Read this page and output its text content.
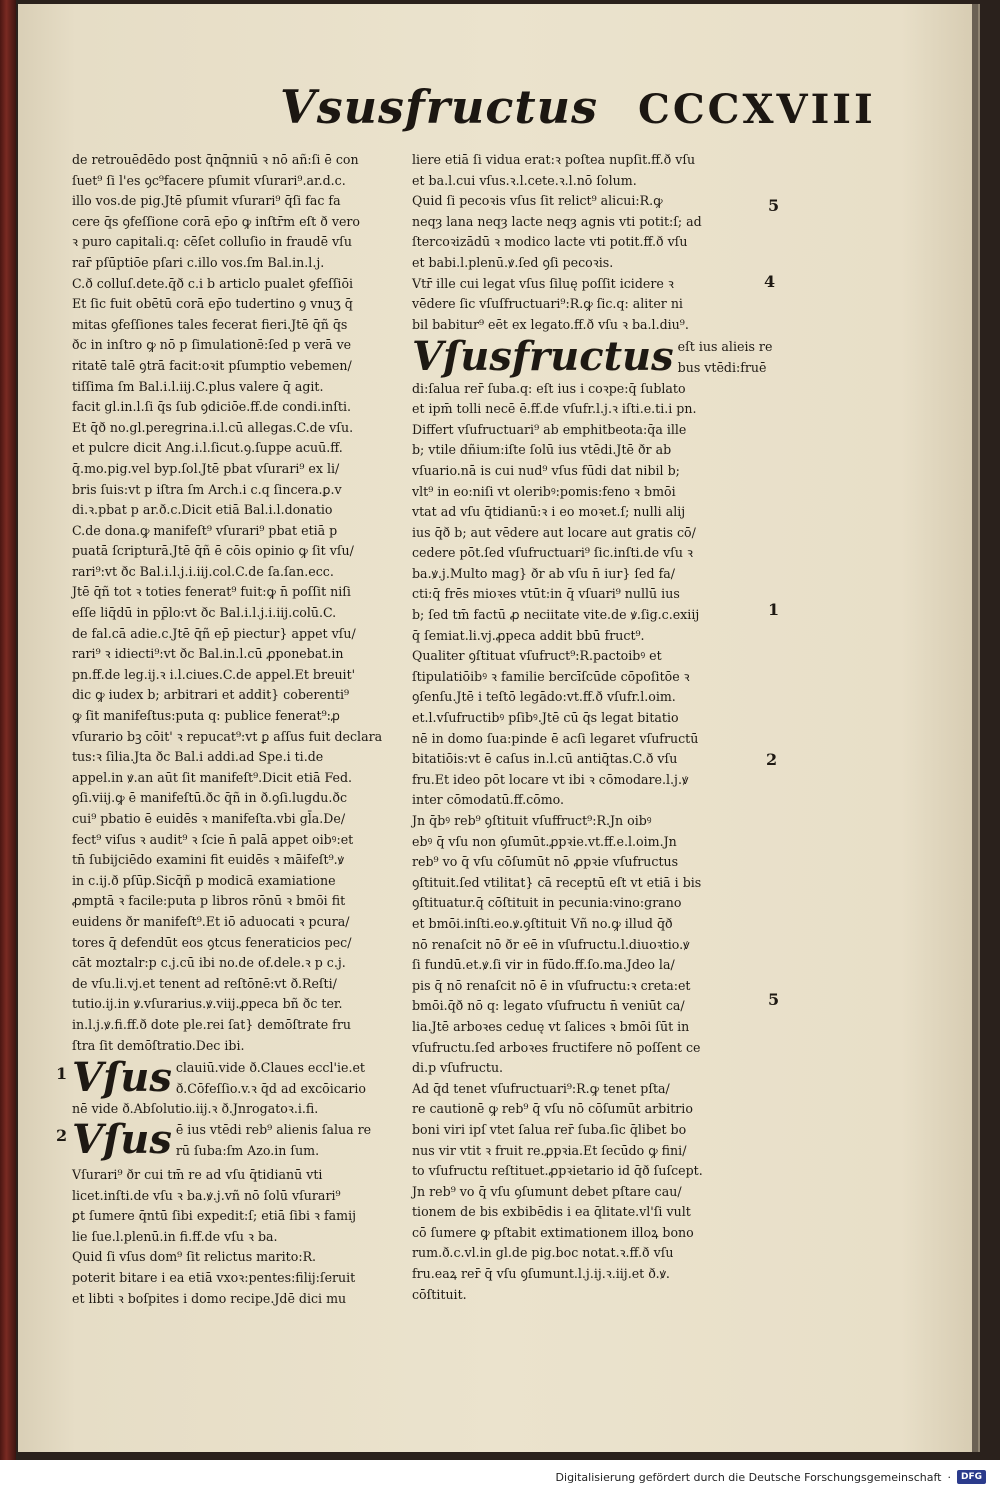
Vsusfructus CCCXVIII

de retrouēdēdo post q̄nq̄nniū ꝛ nō añ:ſi ē con

ſuet⁹ ſi l'es ꝯc⁹facere pſumit vſurari⁹.ar.d.c.

illo vos.de pig.Jtē pſumit vſurari⁹ q̄ſi fac fa

cere q̄s ꝯfeſſione corā ep̄o ꝙ inſtr̄m eſt ð vero

ꝛ puro capitali.q: cēſet colluſio in fraudē vſu

rar̄ pſūptiōe pſari c.illo vos.ſm Bal.in.l.j.

C.ð colluſ.dete.q̄ð c.i b articlo pualet ꝯfeſſiōi

Et ſic fuit obētū corā ep̄o tudertino ꝯ vnuʒ q̄

mitas ꝯfeſſiones tales fecerat fieri.Jtē q̄ñ q̄s

ðc in inſtro ꝙ nō p ſimulationē:ſed p verā ve

ritatē talē ꝯtrā facit:oꝛit pſumptio vebemen/

tiſſima ſm Bal.i.l.iij.C.plus valere q̄ agit.

facit gl.in.l.ſi q̄s ſub ꝯdiciōe.ff.de condi.inſti.

Et q̄ð no.gl.peregrina.i.l.cū allegas.C.de vſu.

et pulcre dicit Ang.i.l.ſicut.ꝯ.ſuppe acuū.ff.

q̄.mo.pig.vel byp.ſol.Jtē pbat vſurari⁹ ex li/

bris ſuis:vt p iſtra ſm Arch.i c.q ſincera.ꝑ.v

di.ꝛ.pbat p ar.ð.c.Dicit etiā Bal.i.l.donatio

C.de dona.ꝙ manifeſt⁹ vſurari⁹ pbat etiā p

puatā ſcripturā.Jtē q̄ñ ē cōis opinio ꝙ ſit vſu/

rari⁹:vt ðc Bal.i.l.j.i.iij.col.C.de ſa.ſan.ecc.

Jtē q̄ñ tot ꝛ toties fenerat⁹ fuit:ꝙ n̄ poſſit niſi

eſſe liq̄dū in pp̄lo:vt ðc Bal.i.l.j.i.iij.colū.C.

de fal.cā adie.c.Jtē q̄ñ ep̄ piectur} appet vſu/

rari⁹ ꝛ idiecti⁹:vt ðc Bal.in.l.cū ꝓponebat.in

pn.ff.de leg.ij.ꝛ i.l.ciues.C.de appel.Et breuit'

dic ꝙ iudex b; arbitrari et addit} coberenti⁹

ꝙ ſit manifeſtus:puta q: publice fenerat⁹:ꝓ

vſurario bꝫ cōit' ꝛ repucat⁹:vt ꝑ aſſus fuit declara

tus:ꝛ ſilia.Jta ðc Bal.i addi.ad Spe.i ti.de

appel.in ꝟ.an aūt ſit manifeſt⁹.Dicit etiā Fed.

ꝯſi.viij.ꝙ ē manifeſtū.ðc q̄ñ in ð.ꝯſi.lugdu.ðc

cui⁹ pbatio ē euidēs ꝛ manifeſta.vbi gl̄a.De/

fect⁹ viſus ꝛ audit⁹ ꝛ ſcie n̄ palā appet oibꝰ:et

tn̄ ſubijciēdo examini fit euidēs ꝛ māifeſt⁹.ꝟ

in c.ij.ð pſūp.Sicq̄ñ p modicā examiatione

ꝓmptā ꝛ facile:puta p libros rōnū ꝛ bmōi fit

euidens ðr manifeſt⁹.Et iō aduocati ꝛ pcura/

tores q̄ defendūt eos ꝯtcus feneraticios pec/

cāt moztalr:p c.j.cū ibi no.de of.dele.ꝛ p c.j.

de vſu.li.vj.et tenent ad reſtōnē:vt ð.Reſti/

tutio.ij.in ꝟ.vſurarius.ꝟ.viij.ꝓpeca bñ ðc ter.

in.l.j.ꝟ.fi.ff.ð dote ple.rei ſat} demōſtrate fru

ſtra ſit demōſtratio.Dec ibi.

Vſus clauiū.vide ð.Claues eccl'ie.et

ð.Cōfeſſio.v.ꝛ q̄d ad excōicario

nē vide ð.Abſolutio.iij.ꝛ ð.Jnrogatoꝛ.i.fi.

Vſus ē ius vtēdi reb⁹ alienis ſalua re

rū ſuba:ſm Azo.in ſum.

Vſurari⁹ ðr cui tm̄ re ad vſu q̄tidianū vti

licet.inſti.de vſu ꝛ ba.ꝟ.j.vñ nō ſolū vſurari⁹

ꝑt ſumere q̄ntū ſibi expedit:ſ; etiā ſibi ꝛ famij

lie ſue.l.plenū.in fi.ff.de vſu ꝛ ba.

Quid ſi vſus dom⁹ ſit relictus marito:R.

poterit bitare i ea etiā vxoꝛ:pentes:filij:ſeruit

et libti ꝛ boſpites i domo recipe.Jdē dici mu

1
2

liere etiā ſi vidua erat:ꝛ poſtea nupſit.ff.ð vſu

et ba.l.cui vſus.ꝛ.l.cete.ꝛ.l.nō ſolum.

Quid ſi pecoꝛis vſus ſit relict⁹ alicui:R.ꝙ

neqȝ lana neqȝ lacte neqȝ agnis vti potit:ſ; ad

ſtercoꝛizādū ꝛ modico lacte vti potit.ff.ð vſu

et babi.l.plenū.ꝟ.ſed ꝯſi pecoꝛis.

Vtr̄ ille cui legat vſus ſiluę poſſit icidere ꝛ

vēdere ſic vſuſfructuari⁹:R.ꝙ ſic.q: aliter ni

bil babitur⁹ eēt ex legato.ff.ð vſu ꝛ ba.l.diu⁹.

Vſusfructus eſt ius alieis re

bus vtēdi:fruē

di:ſalua rer̄ ſuba.q: eſt ius i coꝛpe:q̄ ſublato

et ipm̄ tolli necē ē.ff.de vſufr.l.j.ꝛ iſti.e.ti.i pn.

Differt vſufructuari⁹ ab emphitbeota:q̄a ille

b; vtile dñium:iſte ſolū ius vtēdi.Jtē ðr ab

vſuario.nā is cui nud⁹ vſus fūdi dat nibil b;

vlt⁹ in eo:niſi vt oleribꝰ:pomis:feno ꝛ bmōi

vtat ad vſu q̄tidianū:ꝛ i eo moꝛet.ſ; nulli alij

ius q̄ð b; aut vēdere aut locare aut gratis cō/

cedere pōt.ſed vſufructuari⁹ ſic.inſti.de vſu ꝛ

ba.ꝟ.j.Multo mag} ðr ab vſu n̄ iur} ſed fa/

cti:q̄ frēs mioꝛes vtūt:in q̄ vſuari⁹ nullū ius

b; ſed tm̄ factū ꝓ neciitate vite.de ꝟ.ſig.c.exiij

q̄ ſemiat.li.vj.ꝓpeca addit bbū fruct⁹.

Qualiter ꝯſtituat vſufruct⁹:R.pactoibꝰ et

ſtipulatiōibꝰ ꝛ familie bercīſcūde cōpoſitōe ꝛ

ꝯſenſu.Jtē i teſtō legādo:vt.ff.ð vſufr.l.oim.

et.l.vſufructibꝰ pſibꝰ.Jtē cū q̄s legat bitatio

nē in domo ſua:pinde ē acſi legaret vſufructū

bitatiōis:vt ē caſus in.l.cū antiq̄tas.C.ð vſu

fru.Et ideo pōt locare vt ibi ꝛ cōmodare.l.j.ꝟ

inter cōmodatū.ff.cōmo.

Jn q̄bꝰ reb⁹ ꝯſtituit vſuffruct⁹:R.Jn oibꝰ

ebꝰ q̄ vſu non ꝯſumūt.ꝓpꝛie.vt.ff.e.l.oim.Jn

reb⁹ vo q̄ vſu cōſumūt nō ꝓpꝛie vſufructus

ꝯſtituit.ſed vtilitat} cā receptū eſt vt etiā i bis

ꝯſtituatur.q̄ cōſtituit in pecunia:vino:grano

et bmōi.inſti.eo.ꝟ.ꝯſtituit Vñ no.ꝙ illud q̄ð

nō renaſcit nō ðr eē in vſufructu.l.diuoꝛtio.ꝟ

ſi fundū.et.ꝟ.ſi vir in fūdo.ff.ſo.ma.Jdeo la/

pis q̄ nō renaſcit nō ē in vſufructu:ꝛ creta:et

bmōi.q̄ð nō q: legato vſufructu n̄ veniūt ca/

lia.Jtē arboꝛes ceduę vt ſalices ꝛ bmōi ſūt in

vſufructu.ſed arboꝛes fructifere nō poſſent ce

di.p vſufructu.

Ad q̄d tenet vſufructuari⁹:R.ꝙ tenet pſta/

re cautionē ꝙ reb⁹ q̄ vſu nō cōſumūt arbitrio

boni viri ipſ vtet ſalua rer̄ ſuba.ſic q̄libet bo

nus vir vtit ꝛ fruit re.ꝓpꝛia.Et ſecūdo ꝙ fini/

to vſufructu reſtituet.ꝓpꝛietario id q̄ð ſuſcept.

Jn reb⁹ vo q̄ vſu ꝯſumunt debet pſtare cau/

tionem de bis exbibēdis i ea q̄litate.vl'ſi vult

cō ſumere ꝙ pſtabit extimationem illoꝝ bono

rum.ð.c.vl.in gl.de pig.boc notat.ꝛ.ff.ð vſu

fru.eaꝝ rer̄ q̄ vſu ꝯſumunt.l.j.ij.ꝛ.iij.et ð.ꝟ.

cōſtituit.

5
4
1
2
5
Digitalisierung gefördert durch die Deutsche Forschungsgemeinschaft ·	DFG
